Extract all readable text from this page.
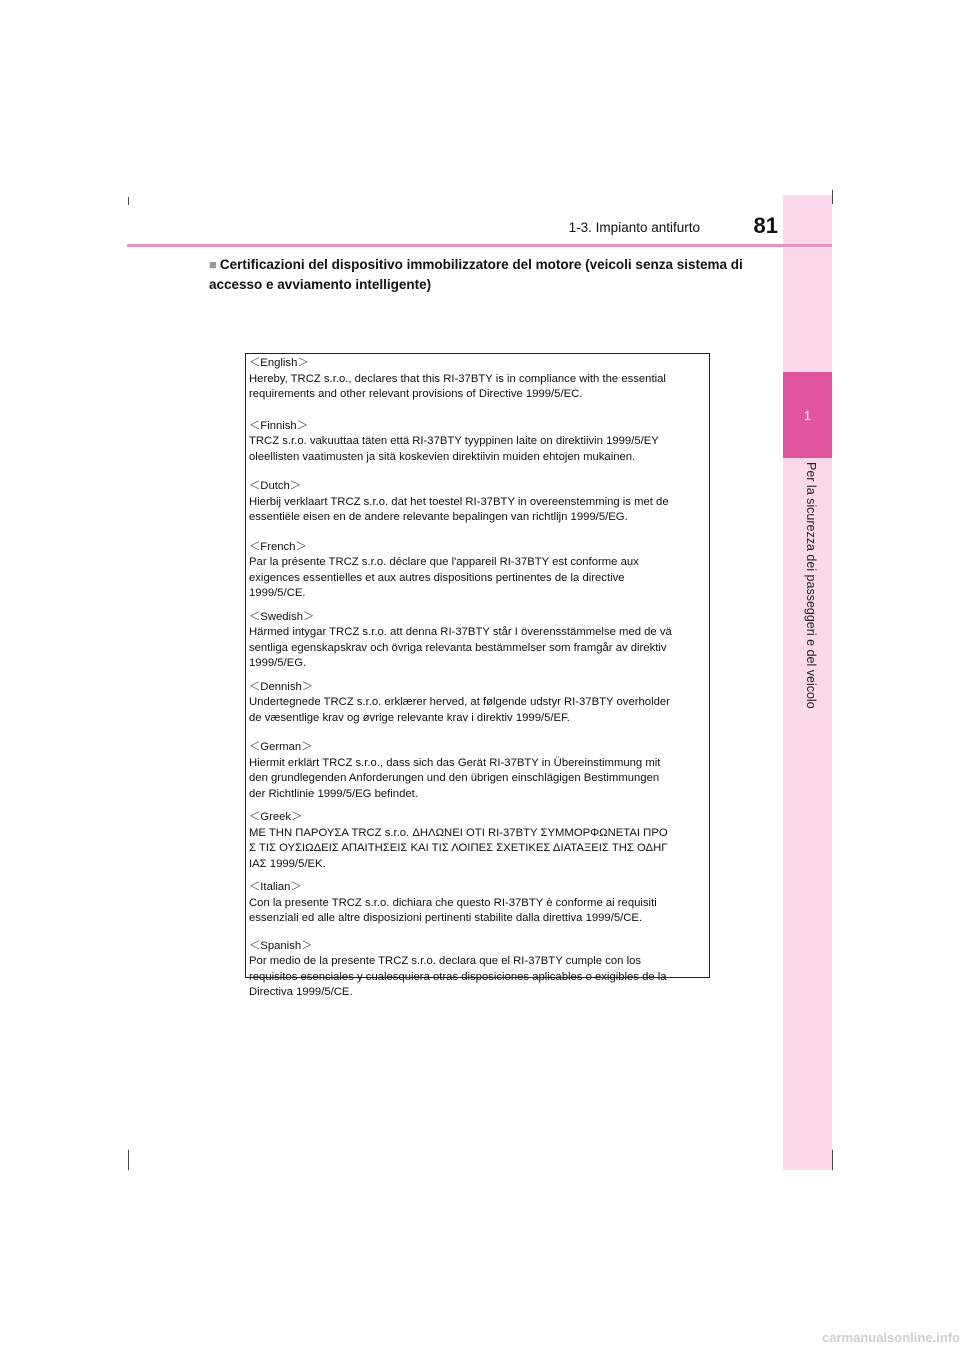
1
Per la sicurezza dei passeggeri e del veicolo
1-3. Impianto antifurto	81
■ Certificazioni del dispositivo immobilizzatore del motore (veicoli senza sistema di accesso e avviamento intelligente)
＜English＞
Hereby, TRCZ s.r.o., declares that this RI-37BTY is in compliance with the essential
requirements and other relevant provisions of Directive 1999/5/EC.
＜Finnish＞
TRCZ s.r.o. vakuuttaa täten että RI-37BTY tyyppinen laite on direktiivin 1999/5/EY
oleellisten vaatimusten ja sitä koskevien direktiivin muiden ehtojen mukainen.
＜Dutch＞
Hierbij verklaart TRCZ s.r.o. dat het toestel RI-37BTY in overeenstemming is met de
essentiële eisen en de andere relevante bepalingen van richtlijn 1999/5/EG.
＜French＞
Par la présente TRCZ s.r.o. déclare que l'appareil RI-37BTY est conforme aux
exigences essentielles et aux autres dispositions pertinentes de la directive
1999/5/CE.
＜Swedish＞
Härmed intygar TRCZ s.r.o. att denna RI-37BTY står I överensstämmelse med de vä
sentliga egenskapskrav och övriga relevanta bestämmelser som framgår av direktiv
1999/5/EG.
＜Dennish＞
Undertegnede TRCZ s.r.o. erklærer herved, at følgende udstyr RI-37BTY overholder
de væsentlige krav og øvrige relevante krav i direktiv 1999/5/EF.
＜German＞
Hiermit erklärt TRCZ s.r.o., dass sich das Gerät RI-37BTY in Übereinstimmung mit
den grundlegenden Anforderungen und den übrigen einschlägigen Bestimmungen
der Richtlinie 1999/5/EG befindet.
＜Greek＞
ΜΕ ΤΗΝ ΠΑΡΟΥΣΑ TRCZ s.r.o. ΔΗΛΩΝΕΙ ΟΤΙ RI-37BTY ΣΥΜΜΟΡΦΩΝΕΤΑΙ ΠΡΟ
Σ ΤΙΣ ΟΥΣΙΩΔΕΙΣ ΑΠΑΙΤΗΣΕΙΣ ΚΑΙ ΤΙΣ ΛΟΙΠΕΣ ΣΧΕΤΙΚΕΣ ΔΙΑΤΑΞΕΙΣ ΤΗΣ ΟΔΗΓ
ΙΑΣ 1999/5/ΕΚ.
＜Italian＞
Con la presente TRCZ s.r.o. dichiara che questo RI-37BTY è conforme ai requisiti
essenziali ed alle altre disposizioni pertinenti stabilite dalla direttiva 1999/5/CE.
＜Spanish＞
Por medio de la presente TRCZ s.r.o. declara que el RI-37BTY cumple con los
requisitos esenciales y cualesquiera otras disposiciones aplicables o exigibles de la
Directiva 1999/5/CE.
carmanualsonline.info
